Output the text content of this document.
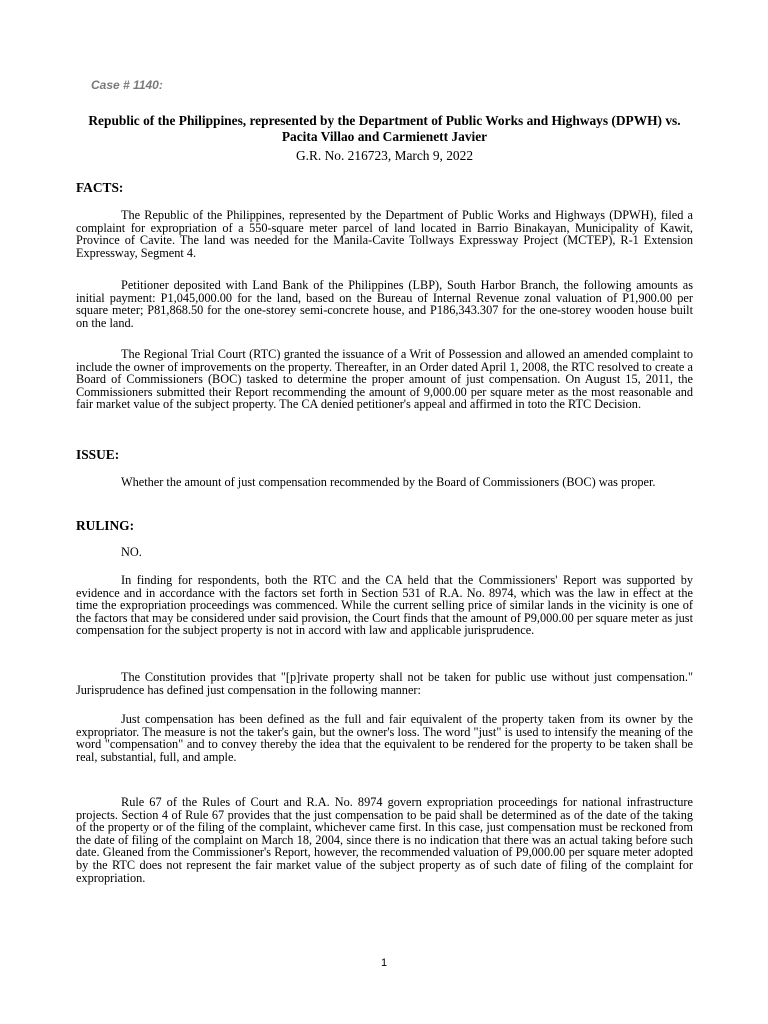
Case # 1140:

Republic of the Philippines, represented by the Department of Public Works and Highways (DPWH) vs. Pacita Villao and Carmienett Javier

G.R. No. 216723, March 9, 2022

FACTS:

The Republic of the Philippines, represented by the Department of Public Works and Highways (DPWH), filed a complaint for expropriation of a 550-square meter parcel of land located in Barrio Binakayan, Municipality of Kawit, Province of Cavite. The land was needed for the Manila-Cavite Tollways Expressway Project (MCTEP), R-1 Extension Expressway, Segment 4.

Petitioner deposited with Land Bank of the Philippines (LBP), South Harbor Branch, the following amounts as initial payment: P1,045,000.00 for the land, based on the Bureau of Internal Revenue zonal valuation of P1,900.00 per square meter; P81,868.50 for the one-storey semi-concrete house, and P186,343.307 for the one-storey wooden house built on the land.

The Regional Trial Court (RTC) granted the issuance of a Writ of Possession and allowed an amended complaint to include the owner of improvements on the property. Thereafter, in an Order dated April 1, 2008, the RTC resolved to create a Board of Commissioners (BOC) tasked to determine the proper amount of just compensation. On August 15, 2011, the Commissioners submitted their Report recommending the amount of 9,000.00 per square meter as the most reasonable and fair market value of the subject property. The CA denied petitioner's appeal and affirmed in toto the RTC Decision.

ISSUE:

Whether the amount of just compensation recommended by the Board of Commissioners (BOC) was proper.

RULING:

NO.

In finding for respondents, both the RTC and the CA held that the Commissioners' Report was supported by evidence and in accordance with the factors set forth in Section 531 of R.A. No. 8974, which was the law in effect at the time the expropriation proceedings was commenced. While the current selling price of similar lands in the vicinity is one of the factors that may be considered under said provision, the Court finds that the amount of P9,000.00 per square meter as just compensation for the subject property is not in accord with law and applicable jurisprudence.

The Constitution provides that "[p]rivate property shall not be taken for public use without just compensation." Jurisprudence has defined just compensation in the following manner:

Just compensation has been defined as the full and fair equivalent of the property taken from its owner by the expropriator. The measure is not the taker's gain, but the owner's loss. The word "just" is used to intensify the meaning of the word "compensation" and to convey thereby the idea that the equivalent to be rendered for the property to be taken shall be real, substantial, full, and ample.

Rule 67 of the Rules of Court and R.A. No. 8974 govern expropriation proceedings for national infrastructure projects. Section 4 of Rule 67 provides that the just compensation to be paid shall be determined as of the date of the taking of the property or of the filing of the complaint, whichever came first. In this case, just compensation must be reckoned from the date of filing of the complaint on March 18, 2004, since there is no indication that there was an actual taking before such date. Gleaned from the Commissioner's Report, however, the recommended valuation of P9,000.00 per square meter adopted by the RTC does not represent the fair market value of the subject property as of such date of filing of the complaint for expropriation.

1
